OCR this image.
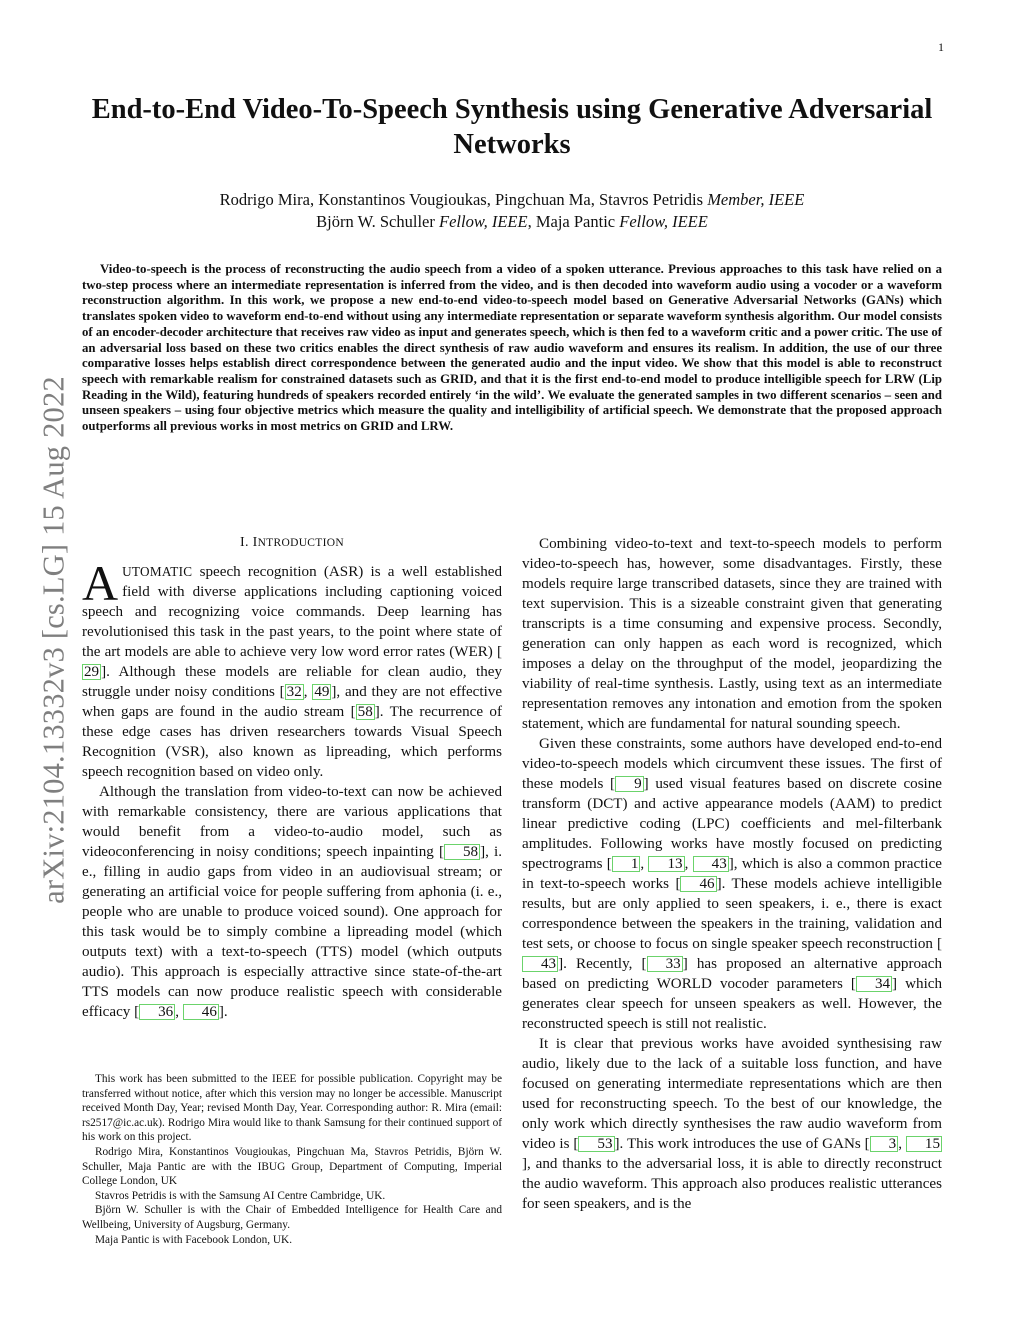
1
arXiv:2104.13332v3 [cs.LG] 15 Aug 2022
End-to-End Video-To-Speech Synthesis using Generative Adversarial Networks
Rodrigo Mira, Konstantinos Vougioukas, Pingchuan Ma, Stavros Petridis Member, IEEE
Björn W. Schuller Fellow, IEEE, Maja Pantic Fellow, IEEE
Video-to-speech is the process of reconstructing the audio speech from a video of a spoken utterance. Previous approaches to this task have relied on a two-step process where an intermediate representation is inferred from the video, and is then decoded into waveform audio using a vocoder or a waveform reconstruction algorithm. In this work, we propose a new end-to-end video-to-speech model based on Generative Adversarial Networks (GANs) which translates spoken video to waveform end-to-end without using any intermediate representation or separate waveform synthesis algorithm. Our model consists of an encoder-decoder architecture that receives raw video as input and generates speech, which is then fed to a waveform critic and a power critic. The use of an adversarial loss based on these two critics enables the direct synthesis of raw audio waveform and ensures its realism. In addition, the use of our three comparative losses helps establish direct correspondence between the generated audio and the input video. We show that this model is able to reconstruct speech with remarkable realism for constrained datasets such as GRID, and that it is the first end-to-end model to produce intelligible speech for LRW (Lip Reading in the Wild), featuring hundreds of speakers recorded entirely ‘in the wild’. We evaluate the generated samples in two different scenarios – seen and unseen speakers – using four objective metrics which measure the quality and intelligibility of artificial speech. We demonstrate that the proposed approach outperforms all previous works in most metrics on GRID and LRW.
I. INTRODUCTION

AUTOMATIC speech recognition (ASR) is a well established field with diverse applications including captioning voiced speech and recognizing voice commands. Deep learning has revolutionised this task in the past years, to the point where state of the art models are able to achieve very low word error rates (WER) [29 ]. Although these models are reliable for clean audio, they struggle under noisy conditions [ 32 , 49 ], and they are not effective when gaps are found in the audio stream [ 58 ]. The recurrence of these edge cases has driven researchers towards Visual Speech Recognition (VSR), also known as lipreading, which performs speech recognition based on video only.

Although the translation from video-to-text can now be achieved with remarkable consistency, there are various applications that would benefit from a video-to-audio model, such as videoconferencing in noisy conditions; speech inpainting [ 58 ], i. e., filling in audio gaps from video in an audiovisual stream; or generating an artificial voice for people suffering from aphonia (i. e., people who are unable to produce voiced sound). One approach for this task would be to simply combine a lipreading model (which outputs text) with a text-to-speech (TTS) model (which outputs audio). This approach is especially attractive since state-of-the-art TTS models can now produce realistic speech with considerable efficacy [ 36 , 46 ].

This work has been submitted to the IEEE for possible publication. Copyright may be transferred without notice, after which this version may no longer be accessible. Manuscript received Month Day, Year; revised Month Day, Year. Corresponding author: R. Mira (email: rs2517@ic.ac.uk). Rodrigo Mira would like to thank Samsung for their continued support of his work on this project.

Rodrigo Mira, Konstantinos Vougioukas, Pingchuan Ma, Stavros Petridis, Björn W. Schuller, Maja Pantic are with the IBUG Group, Department of Computing, Imperial College London, UK

Stavros Petridis is with the Samsung AI Centre Cambridge, UK.

Björn W. Schuller is with the Chair of Embedded Intelligence for Health Care and Wellbeing, University of Augsburg, Germany.

Maja Pantic is with Facebook London, UK.

Combining video-to-text and text-to-speech models to perform video-to-speech has, however, some disadvantages. Firstly, these models require large transcribed datasets, since they are trained with text supervision. This is a sizeable constraint given that generating transcripts is a time consuming and expensive process. Secondly, generation can only happen as each word is recognized, which imposes a delay on the throughput of the model, jeopardizing the viability of real-time synthesis. Lastly, using text as an intermediate representation removes any intonation and emotion from the spoken statement, which are fundamental for natural sounding speech.

Given these constraints, some authors have developed end-to-end video-to-speech models which circumvent these issues. The first of these models [ 9 ] used visual features based on discrete cosine transform (DCT) and active appearance models (AAM) to predict linear predictive coding (LPC) coefficients and mel-filterbank amplitudes. Following works have mostly focused on predicting spectrograms [ 1 , 13 , 43 ], which is also a common practice in text-to-speech works [ 46 ]. These models achieve intelligible results, but are only applied to seen speakers, i. e., there is exact correspondence between the speakers in the training, validation and test sets, or choose to focus on single speaker speech reconstruction [43 ]. Recently, [ 33 ] has proposed an alternative approach based on predicting WORLD vocoder parameters [ 34 ] which generates clear speech for unseen speakers as well. However, the reconstructed speech is still not realistic.

It is clear that previous works have avoided synthesising raw audio, likely due to the lack of a suitable loss function, and have focused on generating intermediate representations which are then used for reconstructing speech. To the best of our knowledge, the only work which directly synthesises the raw audio waveform from video is [ 53 ]. This work introduces the use of GANs [ 3 , 15], and thanks to the adversarial loss, it is able to directly reconstruct the audio waveform. This approach also produces realistic utterances for seen speakers, and is the
